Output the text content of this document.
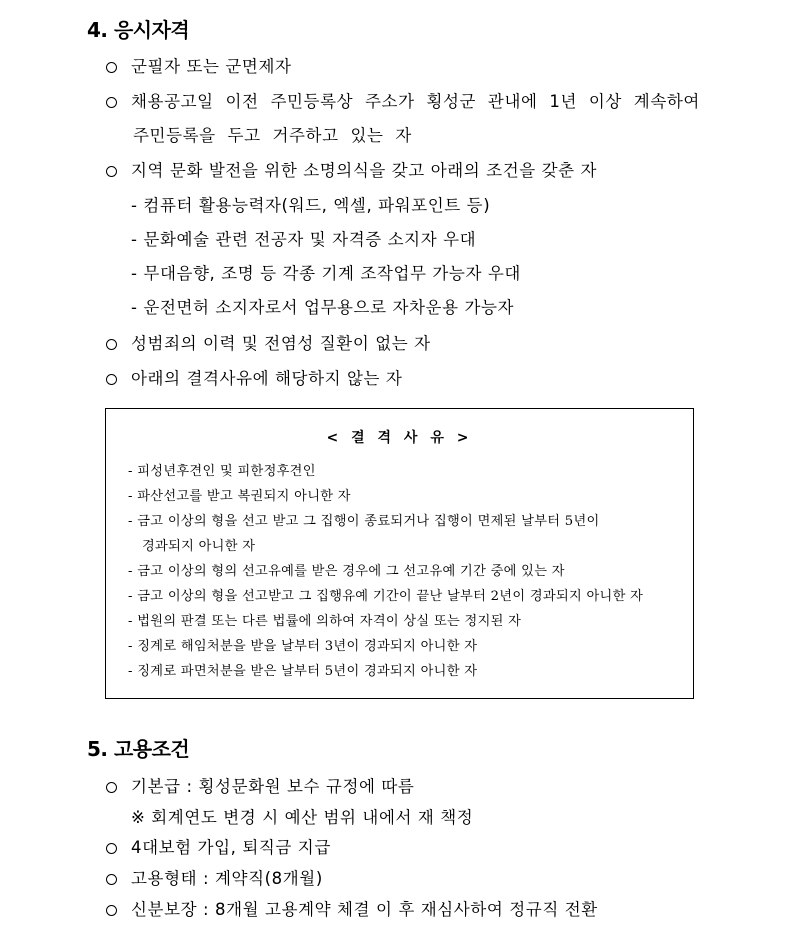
4. 응시자격
군필자 또는 군면제자
채용공고일 이전 주민등록상 주소가 횡성군 관내에 1년 이상 계속하여
주민등록을 두고 거주하고 있는 자
지역 문화 발전을 위한 소명의식을 갖고 아래의 조건을 갖춘 자
- 컴퓨터 활용능력자(워드, 엑셀, 파워포인트 등)
- 문화예술 관련 전공자 및 자격증 소지자 우대
- 무대음향, 조명 등 각종 기계 조작업무 가능자 우대
- 운전면허 소지자로서 업무용으로 자차운용 가능자
성범죄의 이력 및 전염성 질환이 없는 자
아래의 결격사유에 해당하지 않는 자
< 결 격 사 유 >
- 피성년후견인 및 피한정후견인
- 파산선고를 받고 복권되지 아니한 자
- 금고 이상의 형을 선고 받고 그 집행이 종료되거나 집행이 면제된 날부터 5년이
경과되지 아니한 자
- 금고 이상의 형의 선고유예를 받은 경우에 그 선고유예 기간 중에 있는 자
- 금고 이상의 형을 선고받고 그 집행유예 기간이 끝난 날부터 2년이 경과되지 아니한 자
- 법원의 판결 또는 다른 법률에 의하여 자격이 상실 또는 정지된 자
- 징계로 해임처분을 받을 날부터 3년이 경과되지 아니한 자
- 징계로 파면처분을 받은 날부터 5년이 경과되지 아니한 자
5. 고용조건
기본급 : 횡성문화원 보수 규정에 따름
※ 회계연도 변경 시 예산 범위 내에서 재 책정
4대보험 가입, 퇴직금 지급
고용형태 : 계약직(8개월)
신분보장 : 8개월 고용계약 체결 이 후 재심사하여 정규직 전환
